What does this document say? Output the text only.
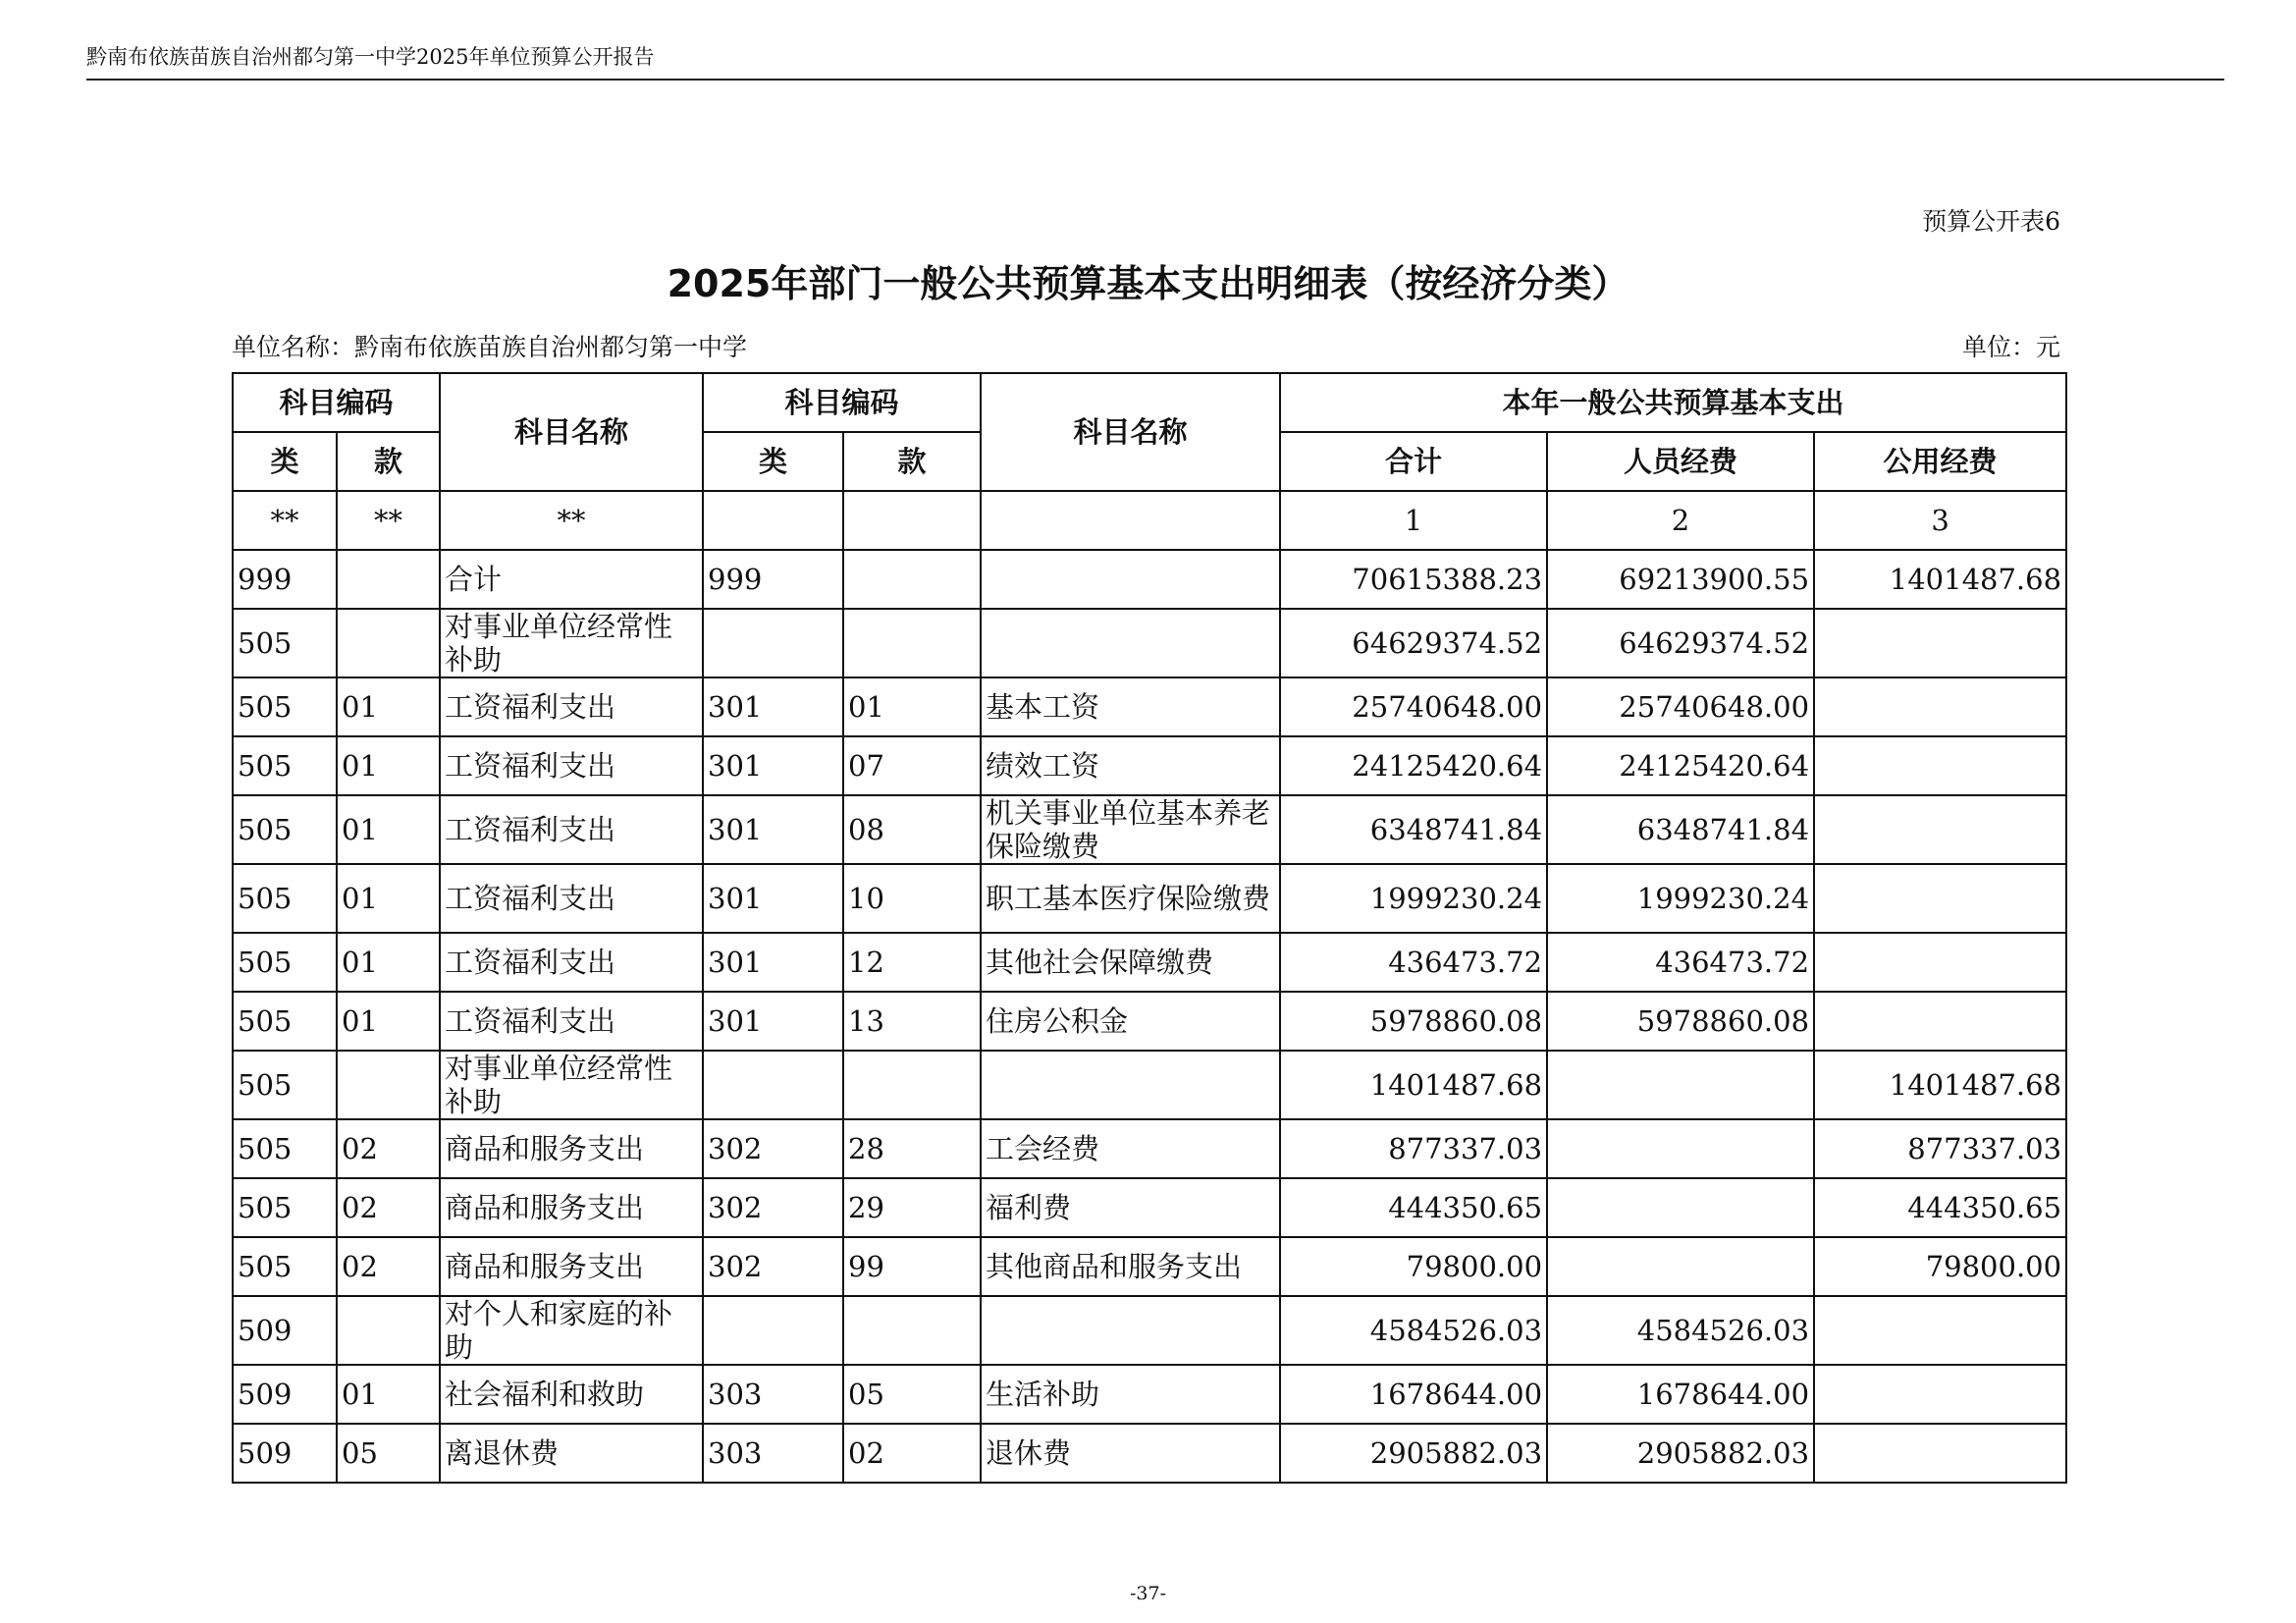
黔南布依族苗族自治州都匀第一中学2025年单位预算公开报告
预算公开表6
2025年部门一般公共预算基本支出明细表（按经济分类）
单位名称：黔南布依族苗族自治州都匀第一中学	单位：元
科目编码		科目名称	科目编码		科目名称	本年一般公共预算基本支出		
类	款		类	款		合计	人员经费	公用经费
**	**	**				1	2	3
999		合计	999			70615388.23	69213900.55	1401487.68
505		对事业单位经常性补助				64629374.52	64629374.52	
505	01	工资福利支出	301	01	基本工资	25740648.00	25740648.00	
505	01	工资福利支出	301	07	绩效工资	24125420.64	24125420.64	
505	01	工资福利支出	301	08	机关事业单位基本养老保险缴费	6348741.84	6348741.84	
505	01	工资福利支出	301	10	职工基本医疗保险缴费	1999230.24	1999230.24	
505	01	工资福利支出	301	12	其他社会保障缴费	436473.72	436473.72	
505	01	工资福利支出	301	13	住房公积金	5978860.08	5978860.08	
505		对事业单位经常性补助				1401487.68		1401487.68
505	02	商品和服务支出	302	28	工会经费	877337.03		877337.03
505	02	商品和服务支出	302	29	福利费	444350.65		444350.65
505	02	商品和服务支出	302	99	其他商品和服务支出	79800.00		79800.00
509		对个人和家庭的补助				4584526.03	4584526.03	
509	01	社会福利和救助	303	05	生活补助	1678644.00	1678644.00	
509	05	离退休费	303	02	退休费	2905882.03	2905882.03	
-37-
